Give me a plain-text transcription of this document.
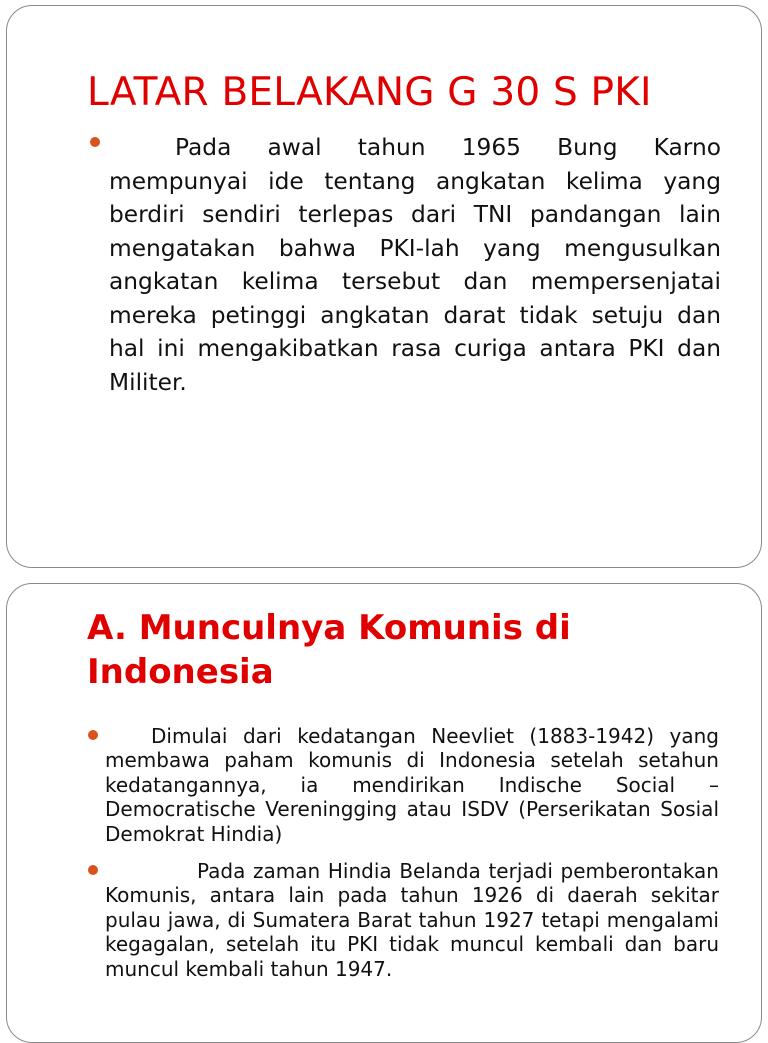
LATAR BELAKANG G 30 S PKI

Pada awal tahun 1965 Bung Karno mempunyai ide tentang angkatan kelima yang berdiri sendiri terlepas dari TNI pandangan lain mengatakan bahwa PKI-lah yang mengusulkan angkatan kelima tersebut dan mempersenjatai mereka petinggi angkatan darat tidak setuju dan hal ini mengakibatkan rasa curiga antara PKI dan Militer.

A. Munculnya Komunis di Indonesia

Dimulai dari kedatangan Neevliet (1883-1942) yang membawa paham komunis di Indonesia setelah setahun kedatangannya, ia mendirikan Indische Social –Democratische Vereningging atau ISDV (Perserikatan Sosial Demokrat Hindia)

Pada zaman Hindia Belanda terjadi pemberontakan Komunis, antara lain pada tahun 1926 di daerah sekitar pulau jawa, di Sumatera Barat tahun 1927 tetapi mengalami kegagalan, setelah itu PKI tidak muncul kembali dan baru muncul kembali tahun 1947.
